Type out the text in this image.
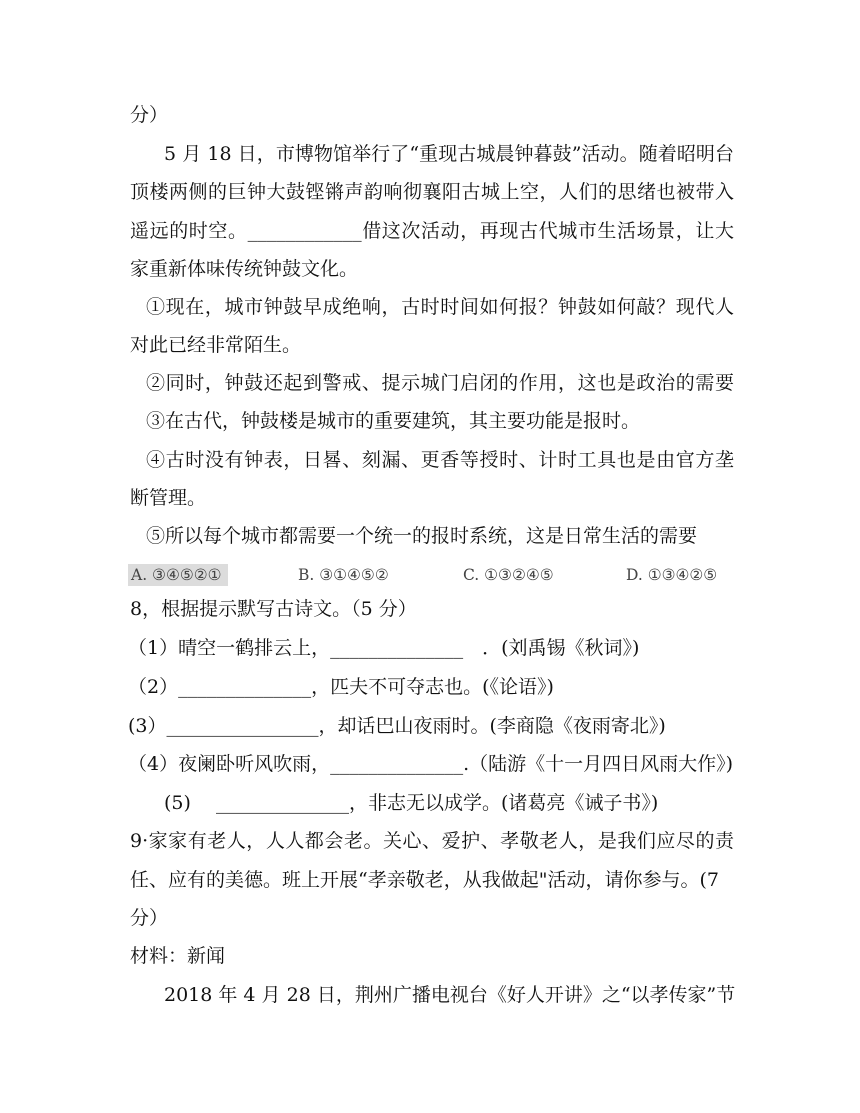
分）
5 月 18 日，市博物馆举行了“重现古城晨钟暮鼓”活动。随着昭明台
顶楼两侧的巨钟大鼓铿锵声韵响彻襄阳古城上空，人们的思绪也被带入
遥远的时空。____________借这次活动，再现古代城市生活场景，让大
家重新体味传统钟鼓文化。
①现在，城市钟鼓早成绝响，古时时间如何报？钟鼓如何敲？现代人
对此已经非常陌生。
②同时，钟鼓还起到警戒、提示城门启闭的作用，这也是政治的需要
③在古代，钟鼓楼是城市的重要建筑，其主要功能是报时。
④古时没有钟表，日晷、刻漏、更香等授时、计时工具也是由官方垄
断管理。
⑤所以每个城市都需要一个统一的报时系统，这是日常生活的需要
A. ③④⑤②①	B. ③①④⑤②	C. ①③②④⑤	D. ①③④②⑤
8，根据提示默写古诗文。（5 分）
（1）晴空一鹤排云上，______________　．(刘禹锡《秋词》)
（2）______________，匹夫不可夺志也。(《论语》)
(3）________________，却话巴山夜雨时。(李商隐《夜雨寄北》)
（4）夜阑卧听风吹雨，______________.（陆游《十一月四日风雨大作》)
(5)　 ______________，非志无以成学。(诸葛亮《诫子书》)
9·家家有老人，人人都会老。关心、爱护、孝敬老人，是我们应尽的责
任、应有的美德。班上开展“孝亲敬老，从我做起"活动，请你参与。(7
分）
材料：新闻
2018 年 4 月 28 日，荆州广播电视台《好人开讲》之“以孝传家”节
